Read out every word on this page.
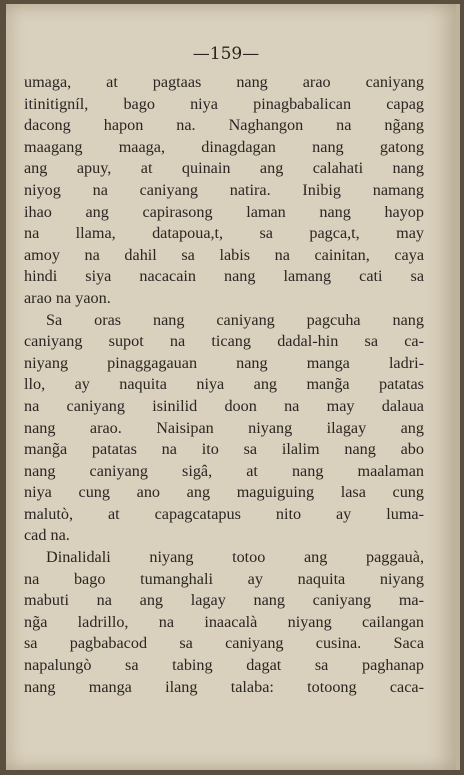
—159—
umaga, at pagtaas nang arao caniyang
itinitigníl, bago niya pinagbabalican capag
dacong hapon na. Naghangon na ng̃ang
maagang maaga, dinagdagan nang gatong
ang apuy, at quinain ang calahati nang
niyog na caniyang natira. Inibig namang
ihao ang capirasong laman nang hayop
na llama, datapoua,t, sa pagca,t, may
amoy na dahil sa labis na cainitan, caya
hindi siya nacacain nang lamang cati sa
arao na yaon.
Sa oras nang caniyang pagcuha nang
caniyang supot na ticang dadal-hin sa ca-
niyang pinaggagauan nang manga ladri-
llo, ay naquita niya ang mang̃a patatas
na caniyang isinilid doon na may dalaua
nang arao. Naisipan niyang ilagay ang
mang̃a patatas na ito sa ilalim nang abo
nang caniyang sigâ, at nang maalaman
niya cung ano ang maguiguing lasa cung
malutò, at capagcatapus nito ay luma-
cad na.
Dinalidali niyang totoo ang paggauà,
na bago tumanghali ay naquita niyang
mabuti na ang lagay nang caniyang ma-
ng̃a ladrillo, na inaacalà niyang cailangan
sa pagbabacod sa caniyang cusina. Saca
napalungò sa tabing dagat sa paghanap
nang manga ilang talaba: totoong caca-
